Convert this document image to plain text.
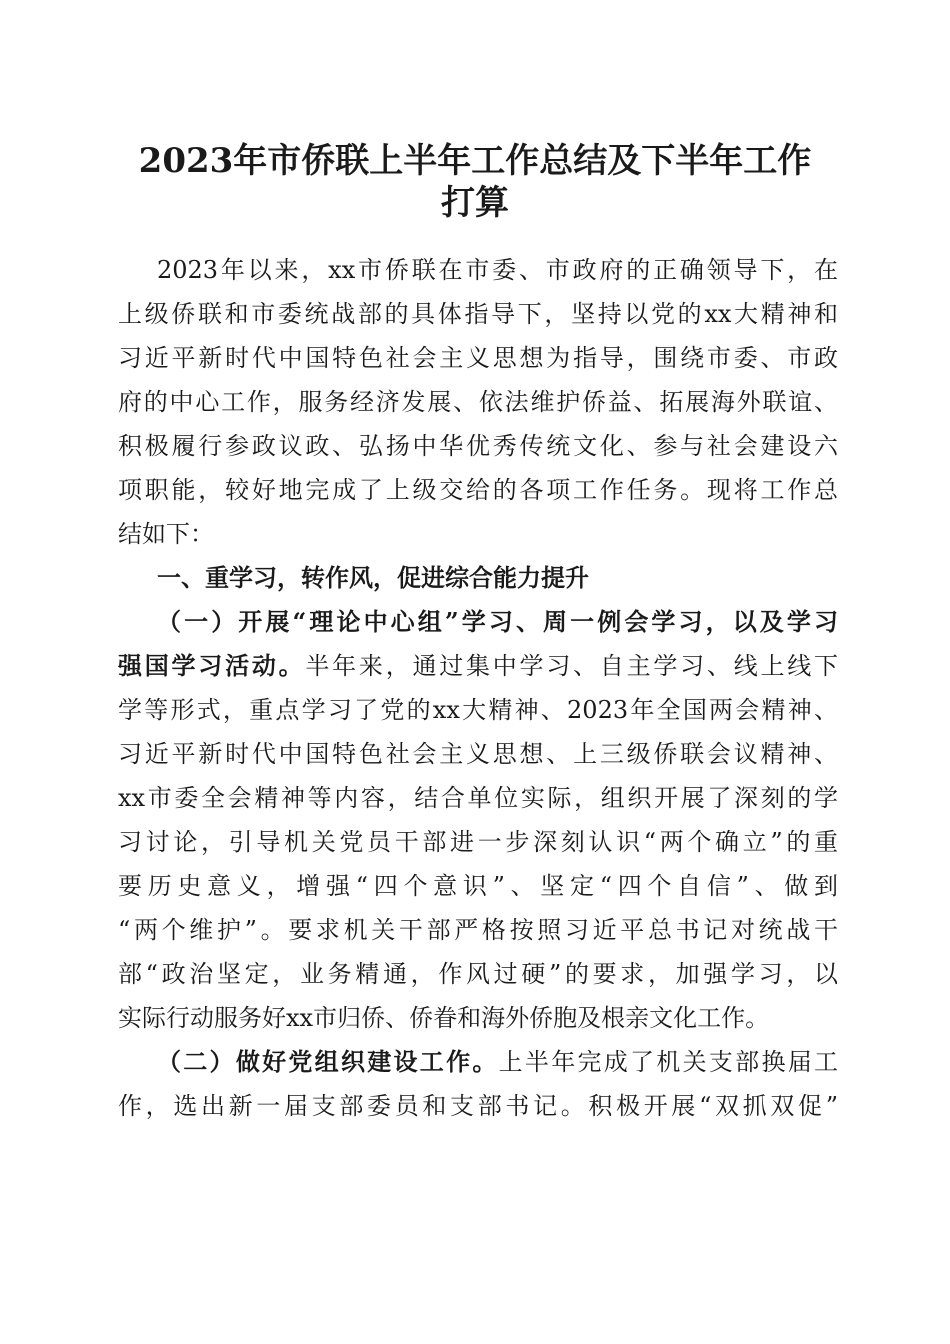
2023年市侨联上半年工作总结及下半年工作
打算
2023年以来，xx市侨联在市委、市政府的正确领导下，在
上级侨联和市委统战部的具体指导下，坚持以党的xx大精神和
习近平新时代中国特色社会主义思想为指导，围绕市委、市政
府的中心工作，服务经济发展、依法维护侨益、拓展海外联谊、
积极履行参政议政、弘扬中华优秀传统文化、参与社会建设六
项职能，较好地完成了上级交给的各项工作任务。现将工作总
结如下：
一、重学习，转作风，促进综合能力提升
（一）开展“理论中心组”学习、周一例会学习，以及学习
强国学习活动。半年来，通过集中学习、自主学习、线上线下
学等形式，重点学习了党的xx大精神、2023年全国两会精神、
习近平新时代中国特色社会主义思想、上三级侨联会议精神、
xx市委全会精神等内容，结合单位实际，组织开展了深刻的学
习讨论，引导机关党员干部进一步深刻认识“两个确立”的重
要历史意义，增强“四个意识”、坚定“四个自信”、做到
“两个维护”。要求机关干部严格按照习近平总书记对统战干
部“政治坚定，业务精通，作风过硬”的要求，加强学习，以
实际行动服务好xx市归侨、侨眷和海外侨胞及根亲文化工作。
（二）做好党组织建设工作。上半年完成了机关支部换届工
作，选出新一届支部委员和支部书记。积极开展“双抓双促”
